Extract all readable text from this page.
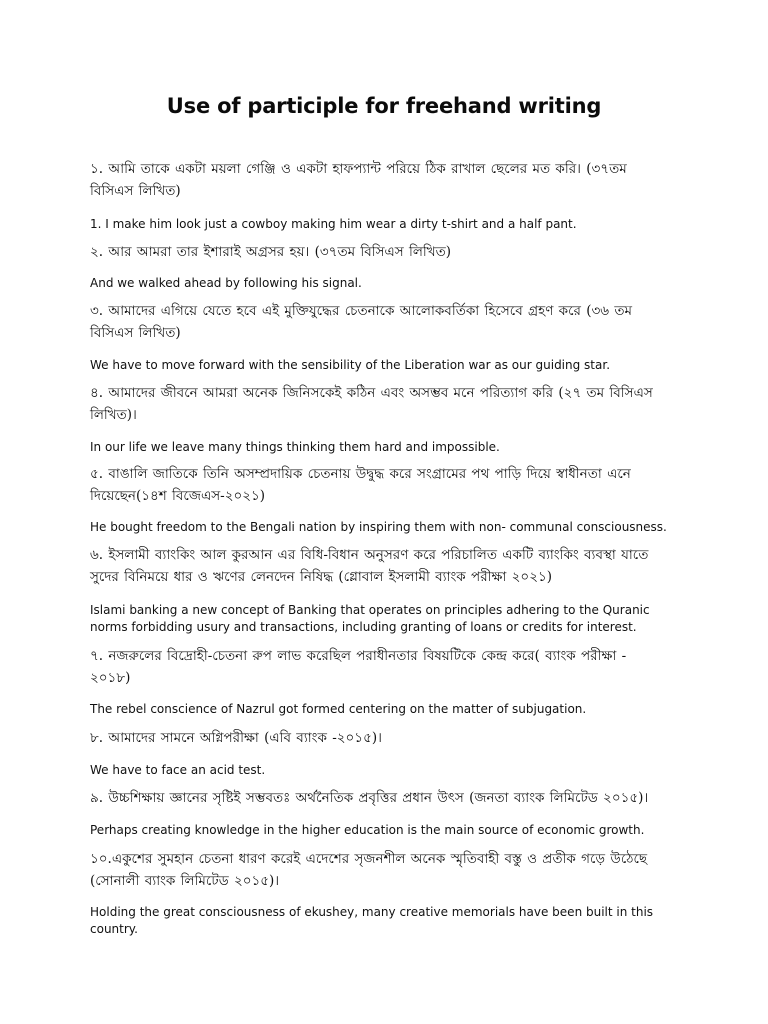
Use of participle for freehand writing
১. আমি তাকে একটা ময়লা গেঞ্জি ও একটা হাফপ্যান্ট পরিয়ে ঠিক রাখাল ছেলের মত করি। (৩৭তম বিসিএস লিখিত)
1. I make him look just a cowboy making him wear a dirty t-shirt and a half pant.
২. আর আমরা তার ইশারাই অগ্রসর হয়। (৩৭তম বিসিএস লিখিত)
And we walked ahead by following his signal.
৩. আমাদের এগিয়ে যেতে হবে এই মুক্তিযুদ্ধের চেতনাকে আলোকবর্তিকা হিসেবে গ্রহণ করে (৩৬ তম বিসিএস লিখিত)
We have to move forward with the sensibility of the Liberation war as our guiding star.
৪. আমাদের জীবনে আমরা অনেক জিনিসকেই কঠিন এবং অসম্ভব মনে পরিত্যাগ করি (২৭ তম বিসিএস লিখিত)।
In our life we leave many things thinking them hard and impossible.
৫. বাঙালি জাতিকে তিনি অসম্প্রদায়িক চেতনায় উদ্বুদ্ধ করে সংগ্রামের পথ পাড়ি দিয়ে স্বাধীনতা এনে দিয়েছেন(১৪শ বিজেএস-২০২১)
He bought freedom to the Bengali nation by inspiring them with non- communal consciousness.
৬. ইসলামী ব্যাংকিং আল কুরআন এর বিধি-বিধান অনুসরণ করে পরিচালিত একটি ব্যাংকিং ব্যবস্থা যাতে সুদের বিনিময়ে ধার ও ঋণের লেনদেন নিষিদ্ধ (গ্লোবাল ইসলামী ব্যাংক পরীক্ষা ২০২১)
Islami banking a new concept of Banking that operates on principles adhering to the Quranic norms forbidding usury and transactions, including granting of loans or credits for interest.
৭. নজরুলের বিদ্রোহী-চেতনা রুপ লাভ করেছিল পরাধীনতার বিষয়টিকে কেন্দ্র করে( ব্যাংক পরীক্ষা - ২০১৮)
The rebel conscience of Nazrul got formed centering on the matter of subjugation.
৮. আমাদের সামনে অগ্নিপরীক্ষা (এবি ব্যাংক -২০১৫)।
We have to face an acid test.
৯. উচ্চশিক্ষায় জ্ঞানের সৃষ্টিই সম্ভবতঃ অর্থনৈতিক প্রবৃত্তির প্রধান উৎস (জনতা ব্যাংক লিমিটেড ২০১৫)।
Perhaps creating knowledge in the higher education is the main source of economic growth.
১০.একুশের সুমহান চেতনা ধারণ করেই এদেশের সৃজনশীল অনেক স্মৃতিবাহী বস্তু ও প্রতীক গড়ে উঠেছে (সোনালী ব্যাংক লিমিটেড ২০১৫)।
Holding the great consciousness of ekushey, many creative memorials have been built in this country.
